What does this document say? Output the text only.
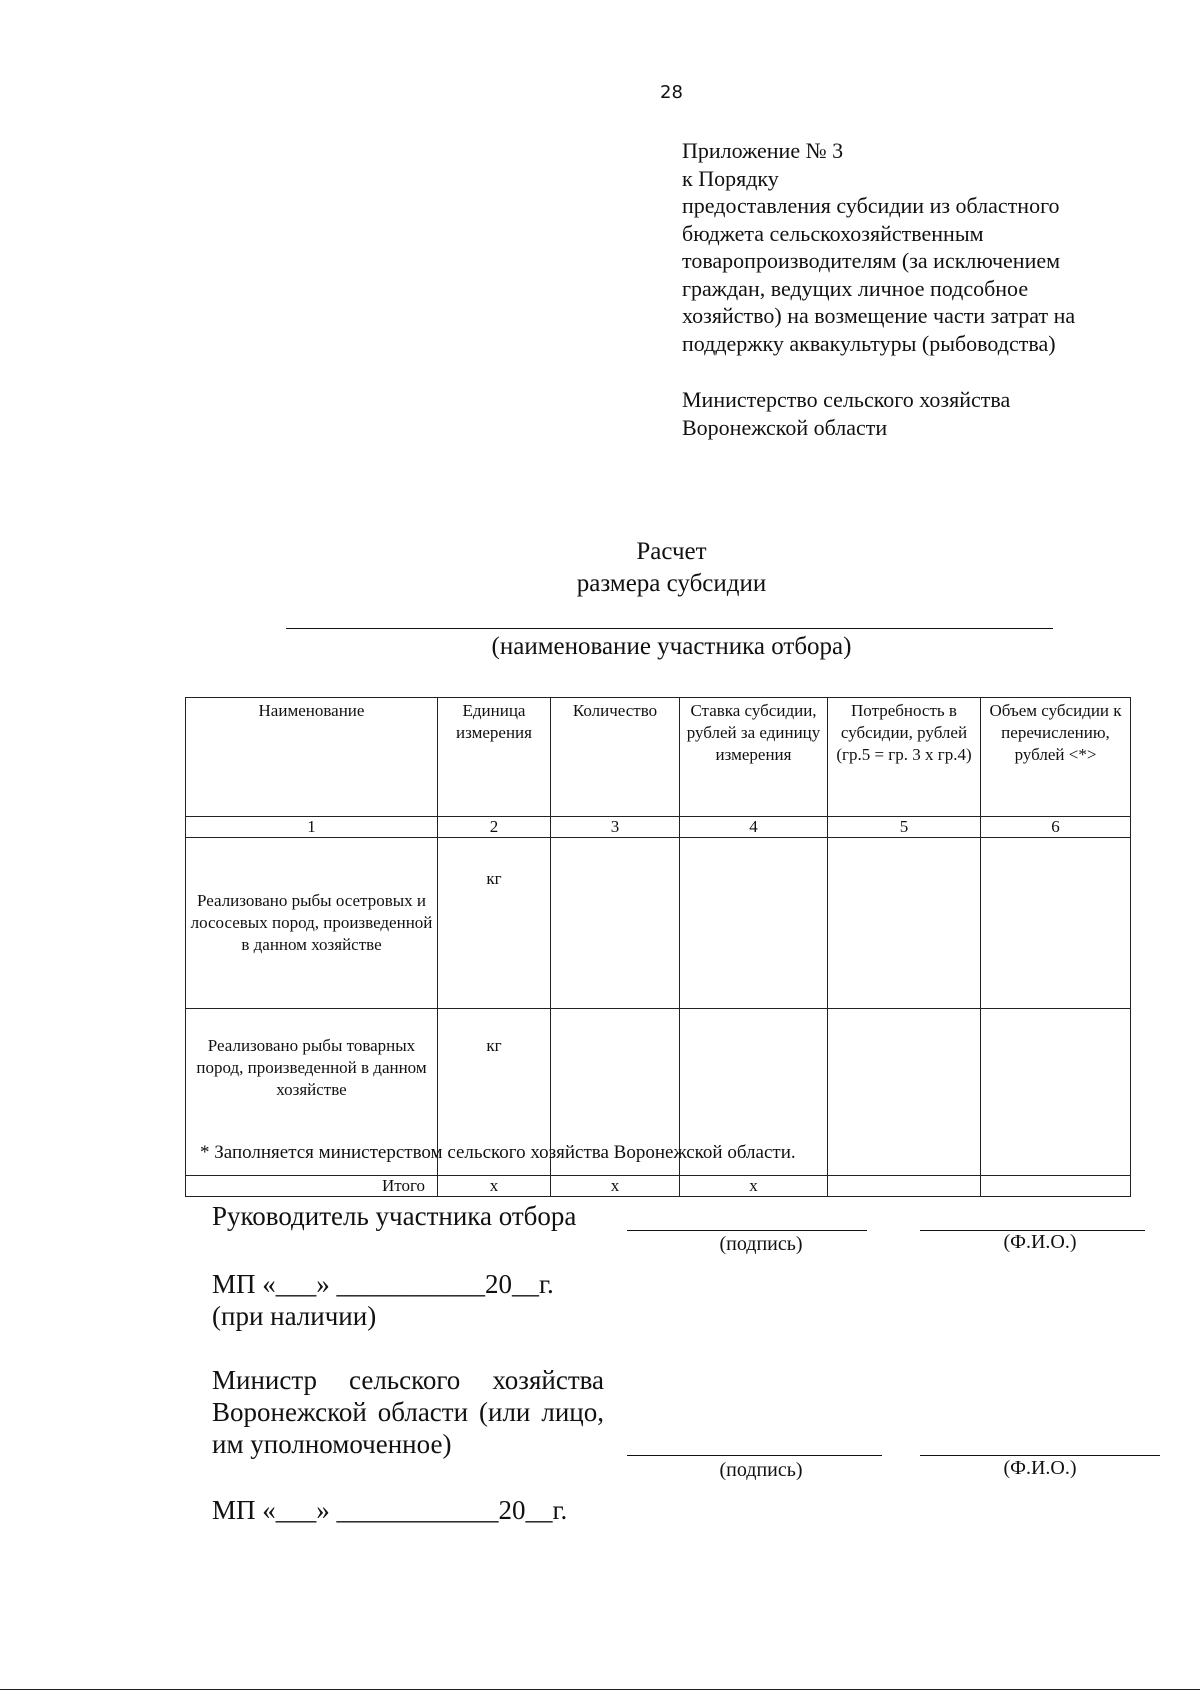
28
Приложение № 3
к Порядку
предоставления субсидии из областного
бюджета сельскохозяйственным
товаропроизводителям (за исключением
граждан, ведущих личное подсобное
хозяйство) на возмещение части затрат на
поддержку аквакультуры (рыбоводства)
Министерство сельского хозяйства
Воронежской области
Расчет
размера субсидии
(наименование участника отбора)
Наименование	Единица измерения	Количество	Ставка субсидии, рублей за единицу измерения	Потребность в субсидии, рублей (гр.5 = гр. 3 x гр.4)	Объем субсидии к перечислению, рублей <*>
1	2	3	4	5	6
Реализовано рыбы осетровых и лососевых пород, произведенной в данном хозяйстве	кг				
Реализовано рыбы товарных пород, произведенной в данном хозяйстве	кг				
Итого	х	х	х		
* Заполняется министерством сельского хозяйства Воронежской области.
Руководитель участника отбора
(подпись)	(Ф.И.О.)
МП «___» ___________20__г.
(при наличии)
Министр сельского хозяйства Воронежской области (или лицо, им уполномоченное)
(подпись)	(Ф.И.О.)
МП «___» ____________20__г.
